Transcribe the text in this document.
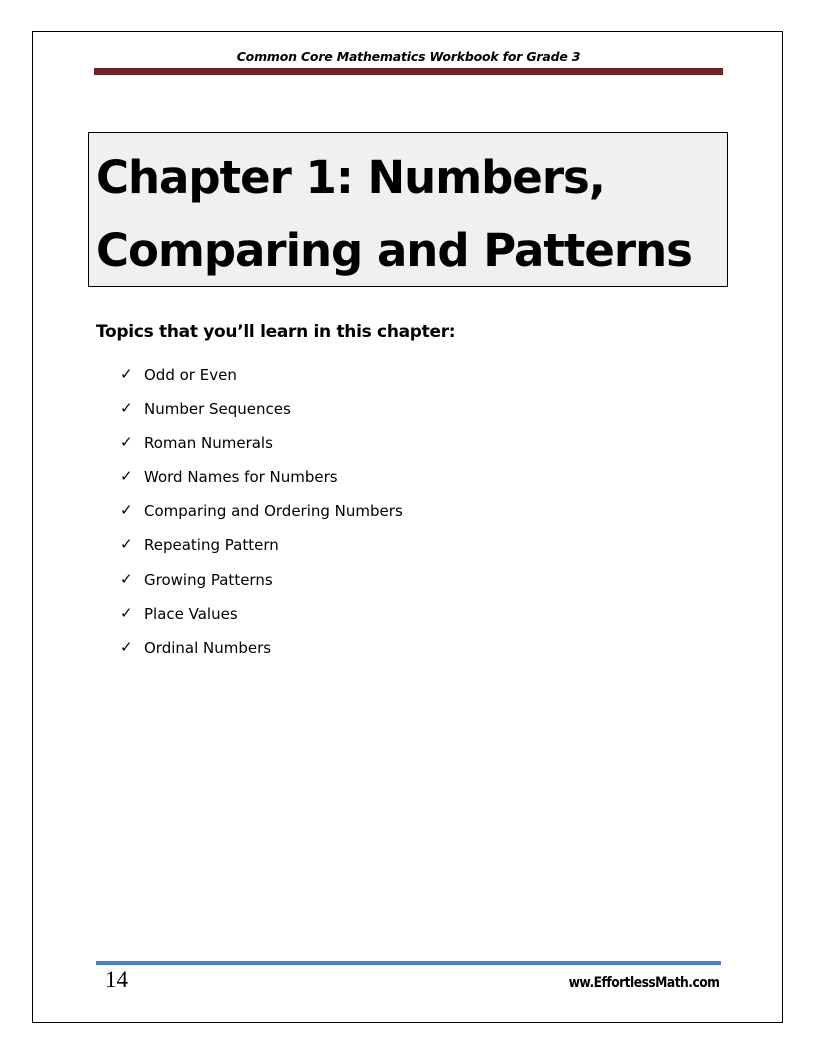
Common Core Mathematics Workbook for Grade 3
Chapter 1: Numbers,
Comparing and Patterns
Topics that you’ll learn in this chapter:
✓ Odd or Even
✓ Number Sequences
✓ Roman Numerals
✓ Word Names for Numbers
✓ Comparing and Ordering Numbers
✓ Repeating Pattern
✓ Growing Patterns
✓ Place Values
✓ Ordinal Numbers
14	ww.EffortlessMath.com
